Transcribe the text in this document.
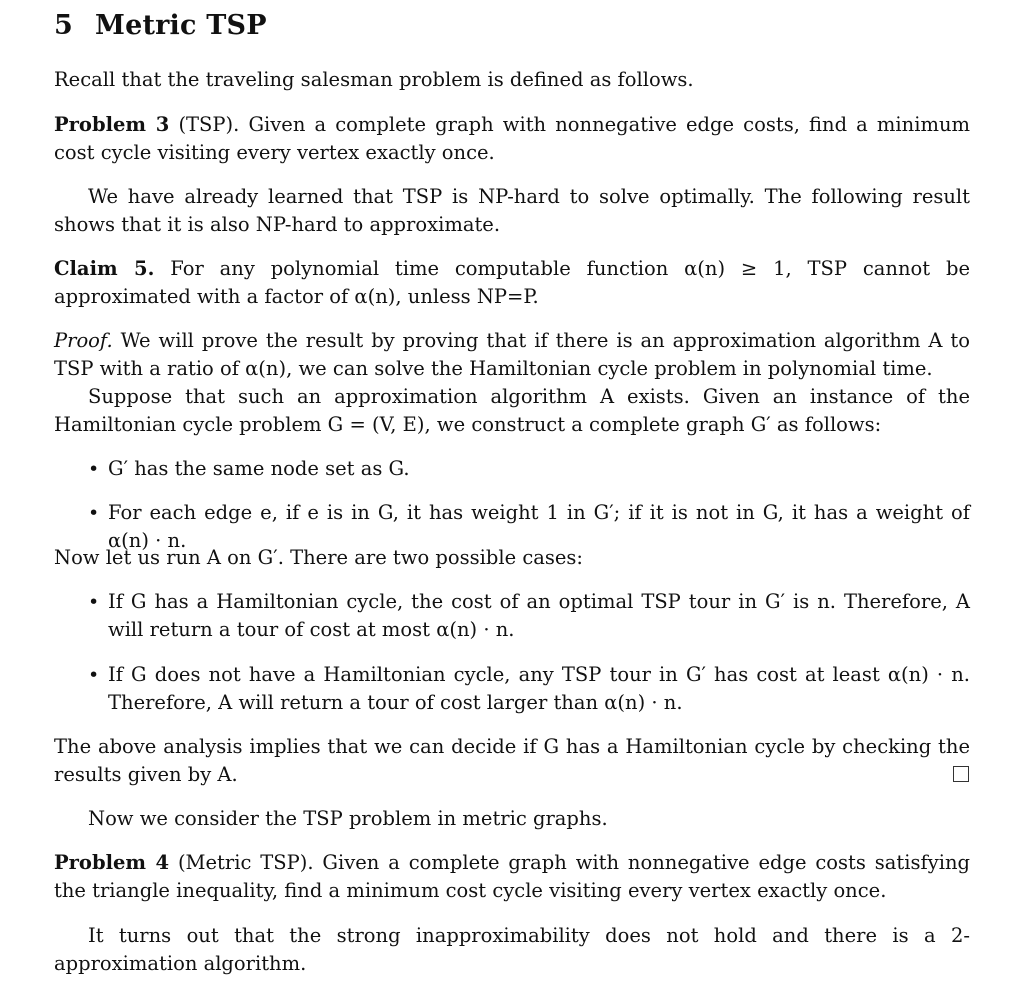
5 Metric TSP
Recall that the traveling salesman problem is defined as follows.
Problem 3 (TSP). Given a complete graph with nonnegative edge costs, find a minimum cost cycle visiting every vertex exactly once.
We have already learned that TSP is NP-hard to solve optimally. The following result shows that it is also NP-hard to approximate.
Claim 5. For any polynomial time computable function α(n) ≥ 1, TSP cannot be approximated with a factor of α(n), unless NP=P.
Proof. We will prove the result by proving that if there is an approximation algorithm A to TSP with a ratio of α(n), we can solve the Hamiltonian cycle problem in polynomial time.
Suppose that such an approximation algorithm A exists. Given an instance of the Hamiltonian cycle problem G = (V, E), we construct a complete graph G′ as follows:
• G′ has the same node set as G.
• For each edge e, if e is in G, it has weight 1 in G′; if it is not in G, it has a weight of α(n) · n.
Now let us run A on G′. There are two possible cases:
• If G has a Hamiltonian cycle, the cost of an optimal TSP tour in G′ is n. Therefore, A will return a tour of cost at most α(n) · n.
• If G does not have a Hamiltonian cycle, any TSP tour in G′ has cost at least α(n) · n. Therefore, A will return a tour of cost larger than α(n) · n.
The above analysis implies that we can decide if G has a Hamiltonian cycle by checking the results given by A.
Now we consider the TSP problem in metric graphs.
Problem 4 (Metric TSP). Given a complete graph with nonnegative edge costs satisfying the triangle inequality, find a minimum cost cycle visiting every vertex exactly once.
It turns out that the strong inapproximability does not hold and there is a 2-approximation algorithm.
